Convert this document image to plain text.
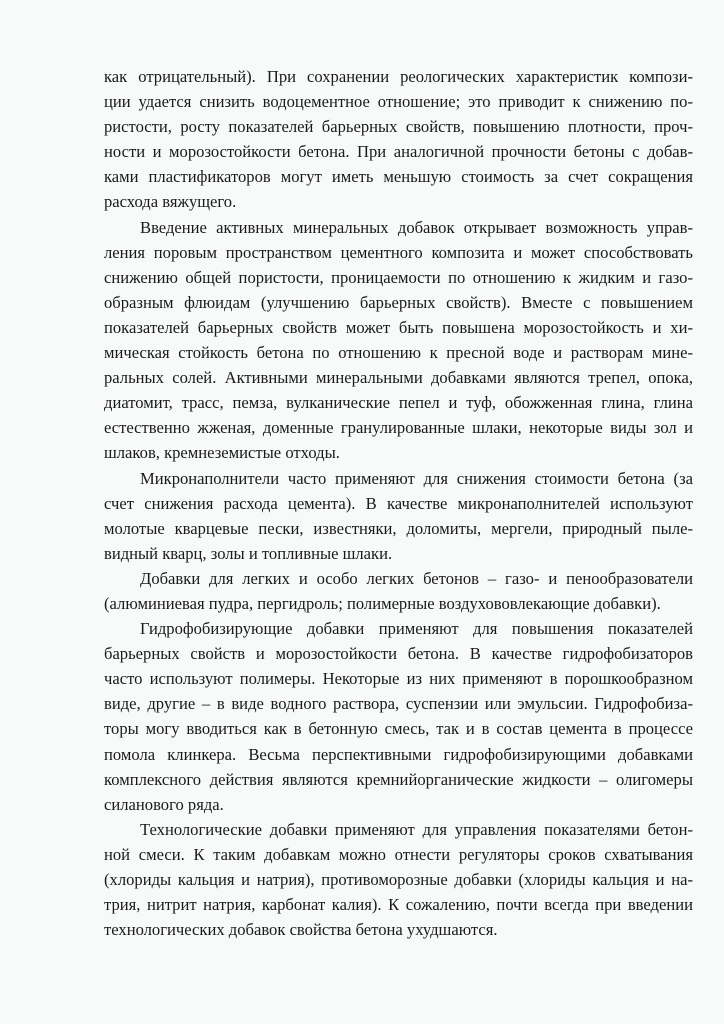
как отрицательный). При сохранении реологических характеристик компози-
ции удается снизить водоцементное отношение; это приводит к снижению по-
ристости, росту показателей барьерных свойств, повышению плотности, проч-
ности и морозостойкости бетона. При аналогичной прочности бетоны с добав-
ками пластификаторов могут иметь меньшую стоимость за счет сокращения
расхода вяжущего.

Введение активных минеральных добавок открывает возможность управ-
ления поровым пространством цементного композита и может способствовать
снижению общей пористости, проницаемости по отношению к жидким и газо-
образным флюидам (улучшению барьерных свойств). Вместе с повышением
показателей барьерных свойств может быть повышена морозостойкость и хи-
мическая стойкость бетона по отношению к пресной воде и растворам мине-
ральных солей. Активными минеральными добавками являются трепел, опока,
диатомит, трасс, пемза, вулканические пепел и туф, обожженная глина, глина
естественно жженая, доменные гранулированные шлаки, некоторые виды зол и
шлаков, кремнеземистые отходы.

Микронаполнители часто применяют для снижения стоимости бетона (за
счет снижения расхода цемента). В качестве микронаполнителей используют
молотые кварцевые пески, известняки, доломиты, мергели, природный пыле-
видный кварц, золы и топливные шлаки.

Добавки для легких и особо легких бетонов – газо- и пенообразователи
(алюминиевая пудра, пергидроль; полимерные воздухововлекающие добавки).

Гидрофобизирующие добавки применяют для повышения показателей
барьерных свойств и морозостойкости бетона. В качестве гидрофобизаторов
часто используют полимеры. Некоторые из них применяют в порошкообразном
виде, другие – в виде водного раствора, суспензии или эмульсии. Гидрофобиза-
торы могу вводиться как в бетонную смесь, так и в состав цемента в процессе
помола клинкера. Весьма перспективными гидрофобизирующими добавками
комплексного действия являются кремнийорганические жидкости – олигомеры
силанового ряда.

Технологические добавки применяют для управления показателями бетон-
ной смеси. К таким добавкам можно отнести регуляторы сроков схватывания
(хлориды кальция и натрия), противоморозные добавки (хлориды кальция и на-
трия, нитрит натрия, карбонат калия). К сожалению, почти всегда при введении
технологических добавок свойства бетона ухудшаются.
